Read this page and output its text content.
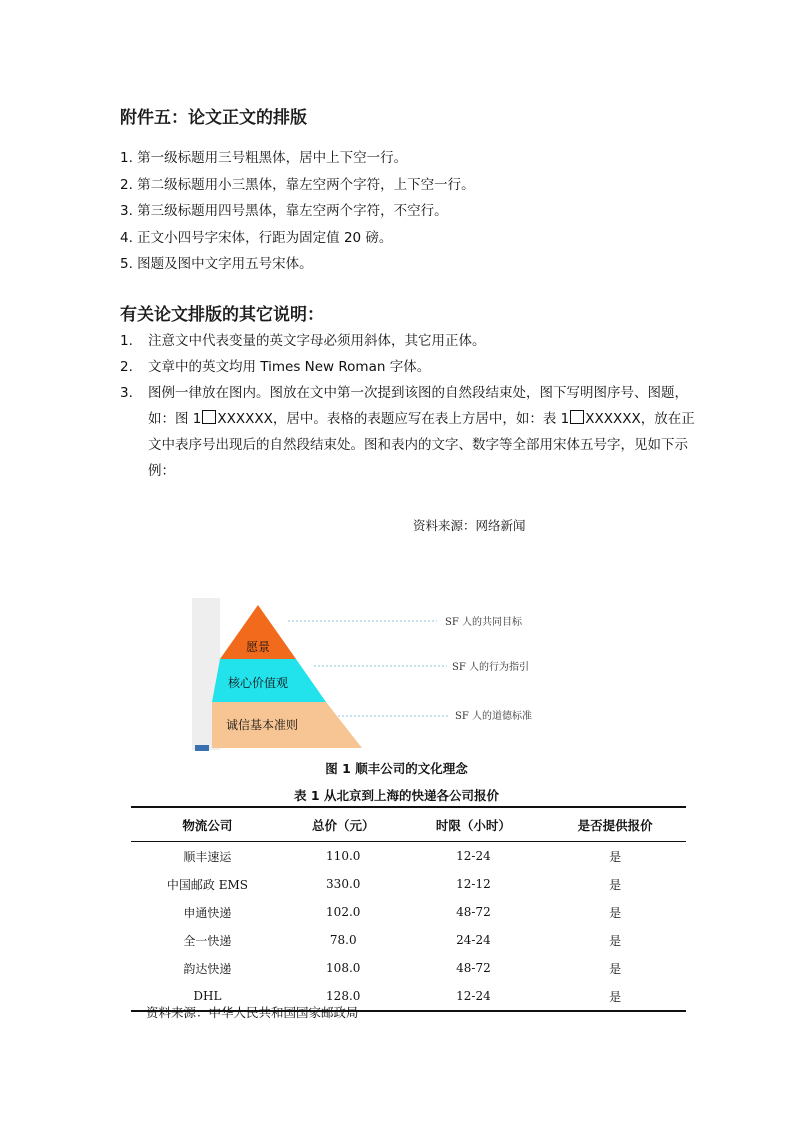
附件五：论文正文的排版
1. 第一级标题用三号粗黑体，居中上下空一行。
2. 第二级标题用小三黑体，靠左空两个字符，上下空一行。
3. 第三级标题用四号黑体，靠左空两个字符，不空行。
4. 正文小四号字宋体，行距为固定值 20 磅。
5. 图题及图中文字用五号宋体。
有关论文排版的其它说明：
1. 注意文中代表变量的英文字母必须用斜体，其它用正体。
2. 文章中的英文均用 Times New Roman 字体。
3. 图例一律放在图内。图放在文中第一次提到该图的自然段结束处，图下写明图序号、图题，如：图 1 XXXXXX，居中。表格的表题应写在表上方居中，如：表 1 XXXXXX，放在正文中表序号出现后的自然段结束处。图和表内的文字、数字等全部用宋体五号字，见如下示例：
资料来源：网络新闻
愿景
核心价值观
诚信基本准则
SF 人的共同目标
SF 人的行为指引
SF 人的道德标准
图 1 顺丰公司的文化理念
表 1 从北京到上海的快递各公司报价
物流公司	总价（元）	时限（小时）	是否提供报价
顺丰速运	110.0	12-24	是
中国邮政 EMS	330.0	12-12	是
申通快递	102.0	48-72	是
全一快递	78.0	24-24	是
韵达快递	108.0	48-72	是
DHL	128.0	12-24	是
资料来源：中华人民共和国国家邮政局
